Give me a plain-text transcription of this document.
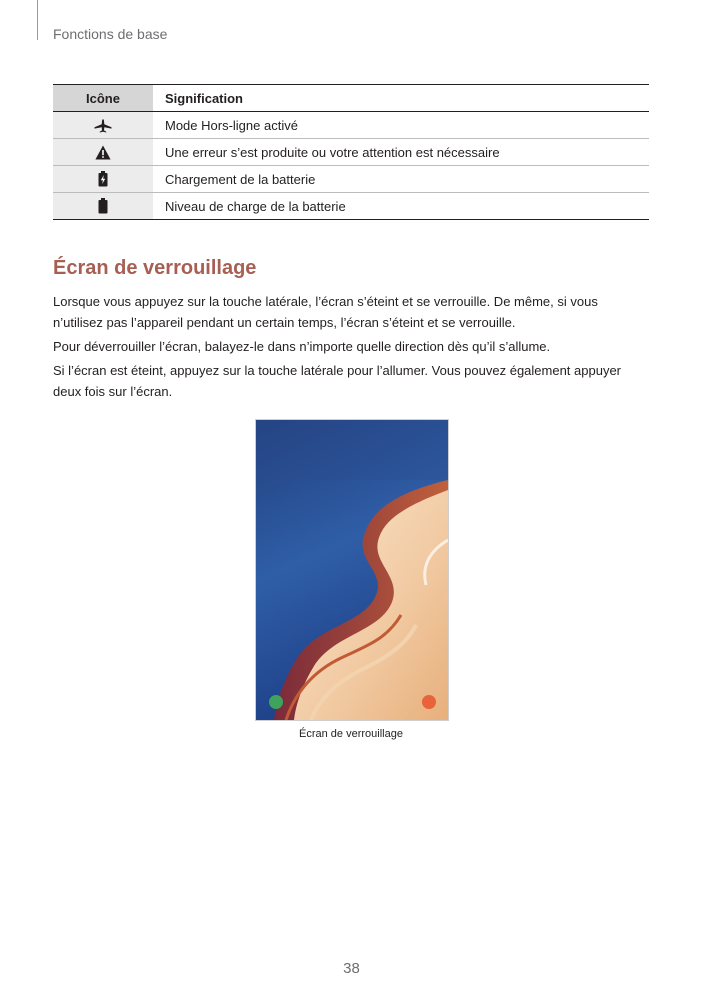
Fonctions de base
Icône	Signification
	Mode Hors-ligne activé
	Une erreur s’est produite ou votre attention est nécessaire
	Chargement de la batterie
	Niveau de charge de la batterie
Écran de verrouillage

Lorsque vous appuyez sur la touche latérale, l’écran s’éteint et se verrouille. De même, si vous n’utilisez pas l’appareil pendant un certain temps, l’écran s’éteint et se verrouille.

Pour déverrouiller l’écran, balayez-le dans n’importe quelle direction dès qu’il s’allume.

Si l’écran est éteint, appuyez sur la touche latérale pour l’allumer. Vous pouvez également appuyer deux fois sur l’écran.

Écran de verrouillage
38
